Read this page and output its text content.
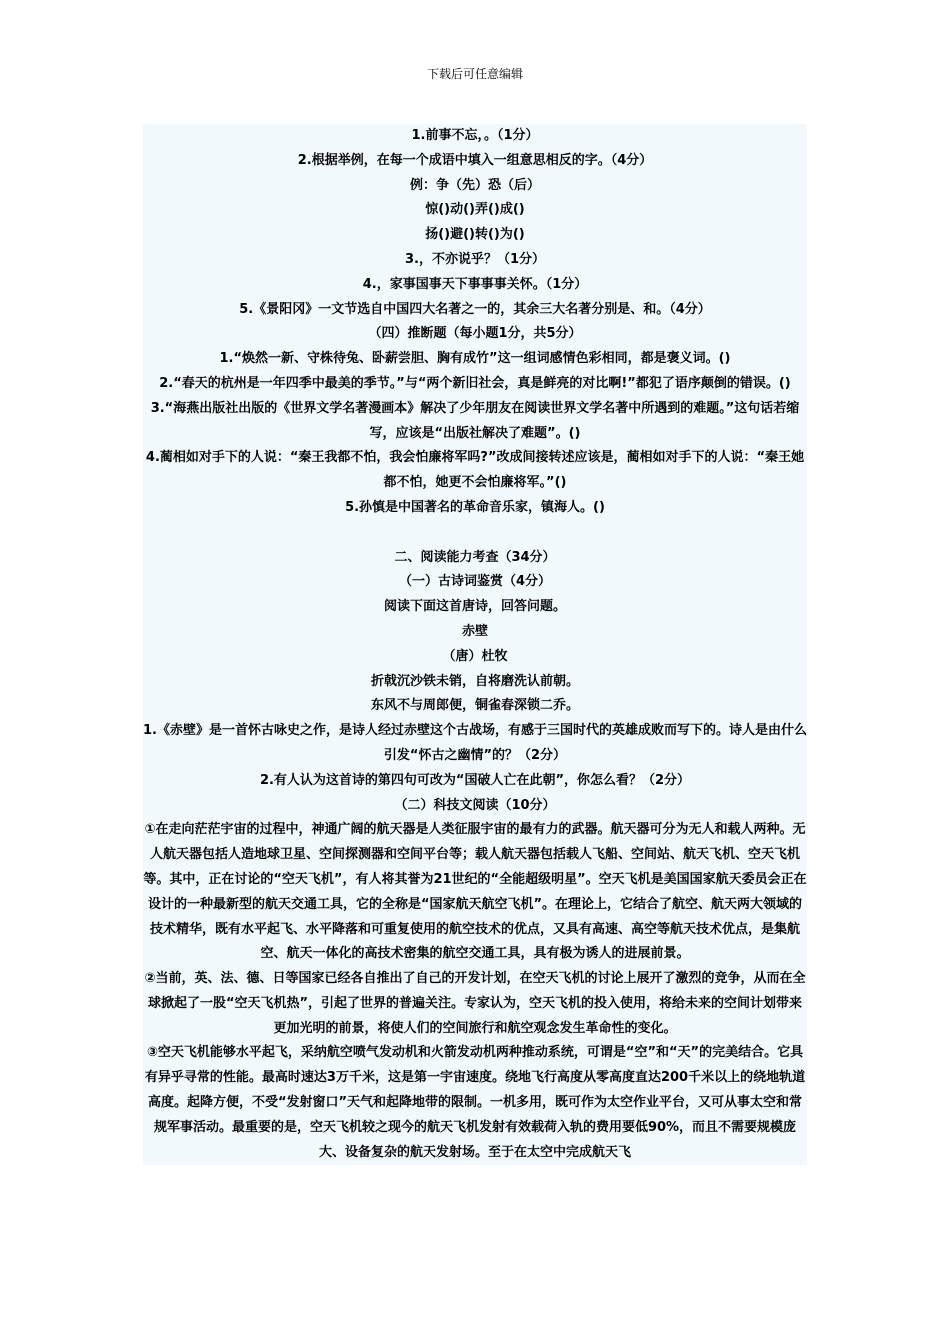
下载后可任意编辑

1.前事不忘，。（1分）

2.根据举例，在每一个成语中填入一组意思相反的字。（4分）

例：争（先）恐（后）

惊()动()弄()成()

扬()避()转()为()

3.，不亦说乎？（1分）

4.，家事国事天下事事事关怀。（1分）

5.《景阳冈》一文节选自中国四大名著之一的，其余三大名著分别是、和。（4分）

（四）推断题（每小题1分，共5分）

1.“焕然一新、守株待兔、卧薪尝胆、胸有成竹”这一组词感情色彩相同，都是褒义词。()

2.“春天的杭州是一年四季中最美的季节。”与“两个新旧社会，真是鲜亮的对比啊!”都犯了语序颠倒的错误。()

3.“海燕出版社出版的《世界文学名著漫画本》解决了少年朋友在阅读世界文学名著中所遇到的难题。”这句话若缩写，应该是“出版社解决了难题”。()

4.蔺相如对手下的人说：“秦王我都不怕，我会怕廉将军吗?”改成间接转述应该是，蔺相如对手下的人说：“秦王她都不怕，她更不会怕廉将军。”()

5.孙慎是中国著名的革命音乐家，镇海人。()

二、阅读能力考查（34分）

（一）古诗词鉴赏（4分）

阅读下面这首唐诗，回答问题。

赤壁

（唐）杜牧

折戟沉沙铁未销，自将磨洗认前朝。

东风不与周郎便，铜雀春深锁二乔。

1.《赤壁》是一首怀古咏史之作，是诗人经过赤壁这个古战场，有感于三国时代的英雄成败而写下的。诗人是由什么引发“怀古之幽情”的？（2分）

2.有人认为这首诗的第四句可改为“国破人亡在此朝”，你怎么看？（2分）

（二）科技文阅读（10分）

①在走向茫茫宇宙的过程中，神通广阔的航天器是人类征服宇宙的最有力的武器。航天器可分为无人和载人两种。无人航天器包括人造地球卫星、空间探测器和空间平台等；载人航天器包括载人飞船、空间站、航天飞机、空天飞机等。其中，正在讨论的“空天飞机”，有人将其誉为21世纪的“全能超级明星”。空天飞机是美国国家航天委员会正在设计的一种最新型的航天交通工具，它的全称是“国家航天航空飞机”。在理论上，它结合了航空、航天两大领域的技术精华，既有水平起飞、水平降落和可重复使用的航空技术的优点，又具有高速、高空等航天技术优点，是集航空、航天一体化的高技术密集的航空交通工具，具有极为诱人的进展前景。

②当前，英、法、德、日等国家已经各自推出了自己的开发计划，在空天飞机的讨论上展开了激烈的竞争，从而在全球掀起了一股“空天飞机热”，引起了世界的普遍关注。专家认为，空天飞机的投入使用，将给未来的空间计划带来更加光明的前景，将使人们的空间旅行和航空观念发生革命性的变化。

③空天飞机能够水平起飞，采纳航空喷气发动机和火箭发动机两种推动系统，可谓是“空”和“天”的完美结合。它具有异乎寻常的性能。最高时速达3万千米，这是第一宇宙速度。绕地飞行高度从零高度直达200千米以上的绕地轨道高度。起降方便，不受“发射窗口”天气和起降地带的限制。一机多用，既可作为太空作业平台，又可从事太空和常规军事活动。最重要的是，空天飞机较之现今的航天飞机发射有效载荷入轨的费用要低90%，而且不需要规模庞大、设备复杂的航天发射场。至于在太空中完成航天飞
